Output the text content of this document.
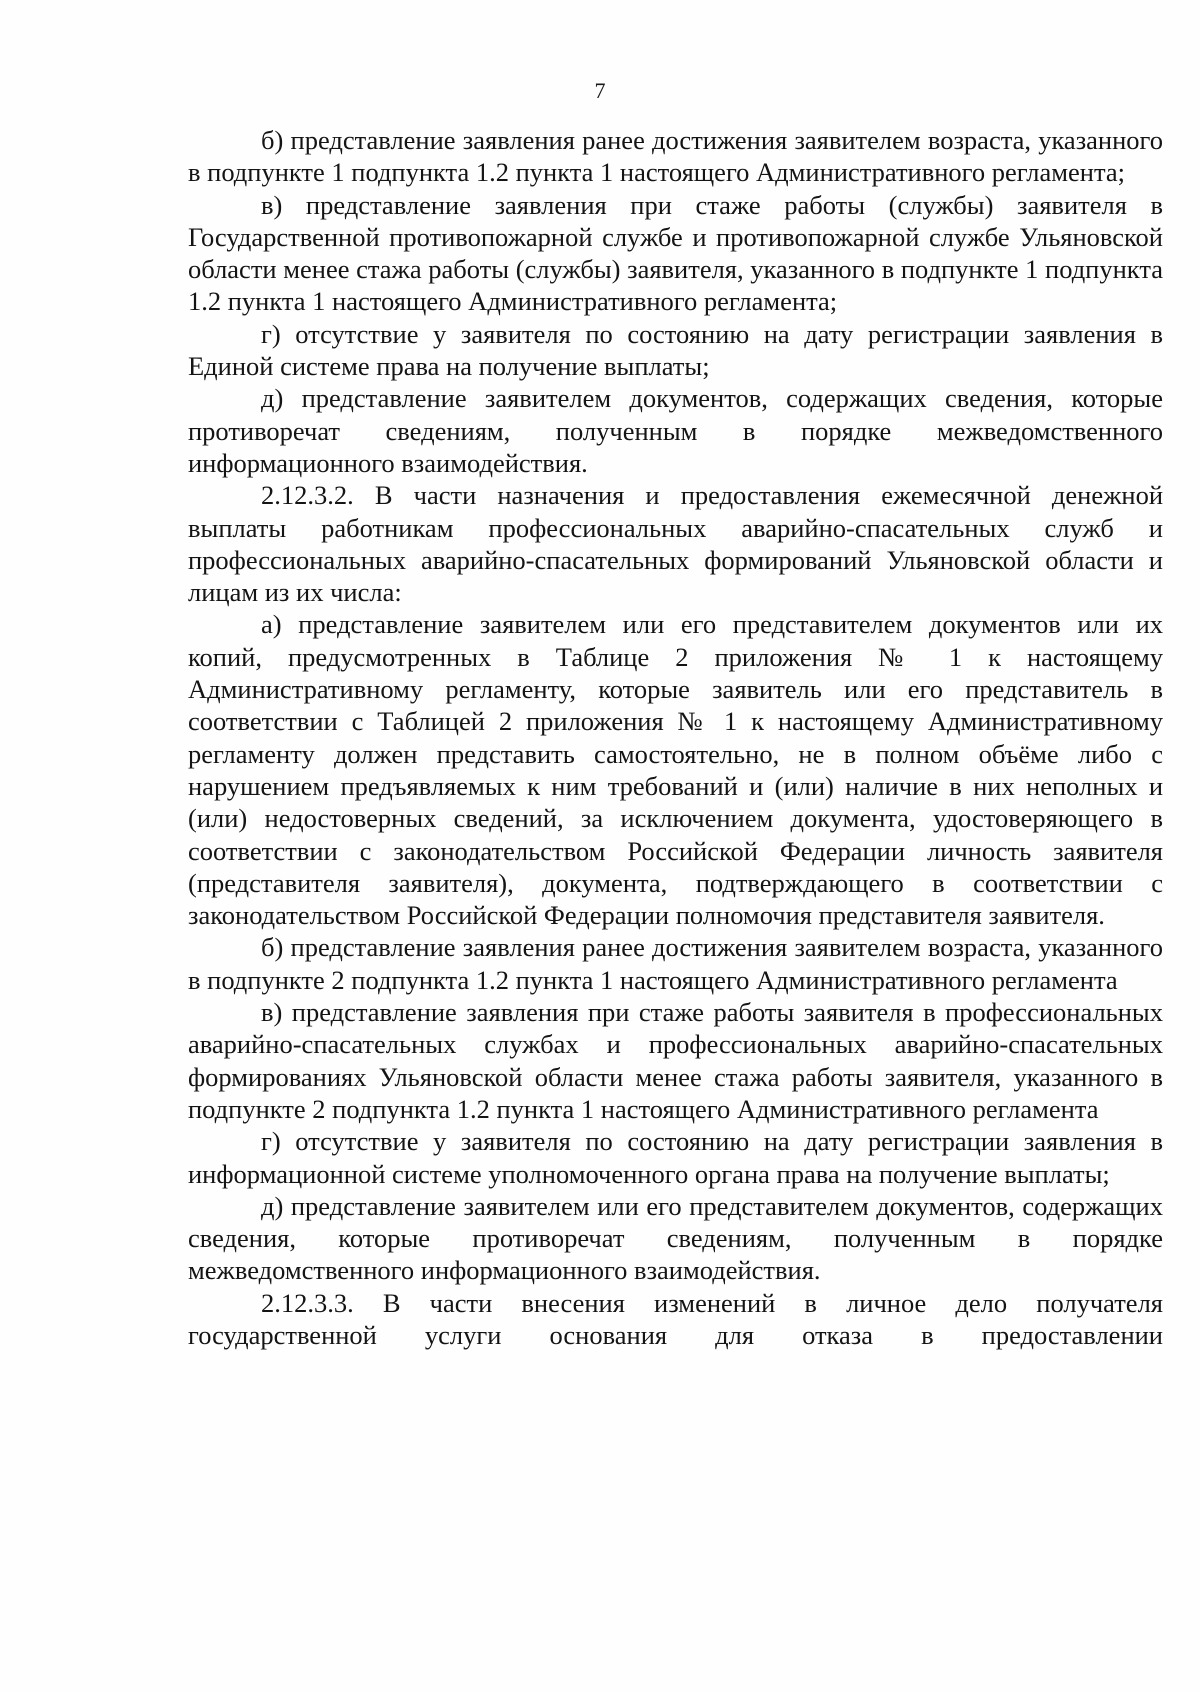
7

б) представление заявления ранее достижения заявителем возраста, указанного в подпункте 1 подпункта 1.2 пункта 1 настоящего Административного регламента;

в) представление заявления при стаже работы (службы) заявителя в Государственной противопожарной службе и противопожарной службе Ульяновской области менее стажа работы (службы) заявителя, указанного в подпункте 1 подпункта 1.2 пункта 1 настоящего Административного регламента;

г) отсутствие у заявителя по состоянию на дату регистрации заявления в Единой системе права на получение выплаты;

д) представление заявителем документов, содержащих сведения, которые противоречат сведениям, полученным в порядке межведомственного информационного взаимодействия.

2.12.3.2. В части назначения и предоставления ежемесячной денежной выплаты работникам профессиональных аварийно-спасательных служб и профессиональных аварийно-спасательных формирований Ульяновской области и лицам из их числа:

а) представление заявителем или его представителем документов или их копий, предусмотренных в Таблице 2 приложения № 1 к настоящему Административному регламенту, которые заявитель или его представитель в соответствии с Таблицей 2 приложения № 1 к настоящему Административному регламенту должен представить самостоятельно, не в полном объёме либо с нарушением предъявляемых к ним требований и (или) наличие в них неполных и (или) недостоверных сведений, за исключением документа, удостоверяющего в соответствии с законодательством Российской Федерации личность заявителя (представителя заявителя), документа, подтверждающего в соответствии с законодательством Российской Федерации полномочия представителя заявителя.

б) представление заявления ранее достижения заявителем возраста, указанного в подпункте 2 подпункта 1.2 пункта 1 настоящего Административного регламента

в) представление заявления при стаже работы заявителя в профессиональных аварийно-спасательных службах и профессиональных аварийно-спасательных формированиях Ульяновской области менее стажа работы заявителя, указанного в подпункте 2 подпункта 1.2 пункта 1 настоящего Административного регламента

г) отсутствие у заявителя по состоянию на дату регистрации заявления в информационной системе уполномоченного органа права на получение выплаты;

д) представление заявителем или его представителем документов, содержащих сведения, которые противоречат сведениям, полученным в порядке межведомственного информационного взаимодействия.

2.12.3.3. В части внесения изменений в личное дело получателя государственной услуги основания для отказа в предоставлении
